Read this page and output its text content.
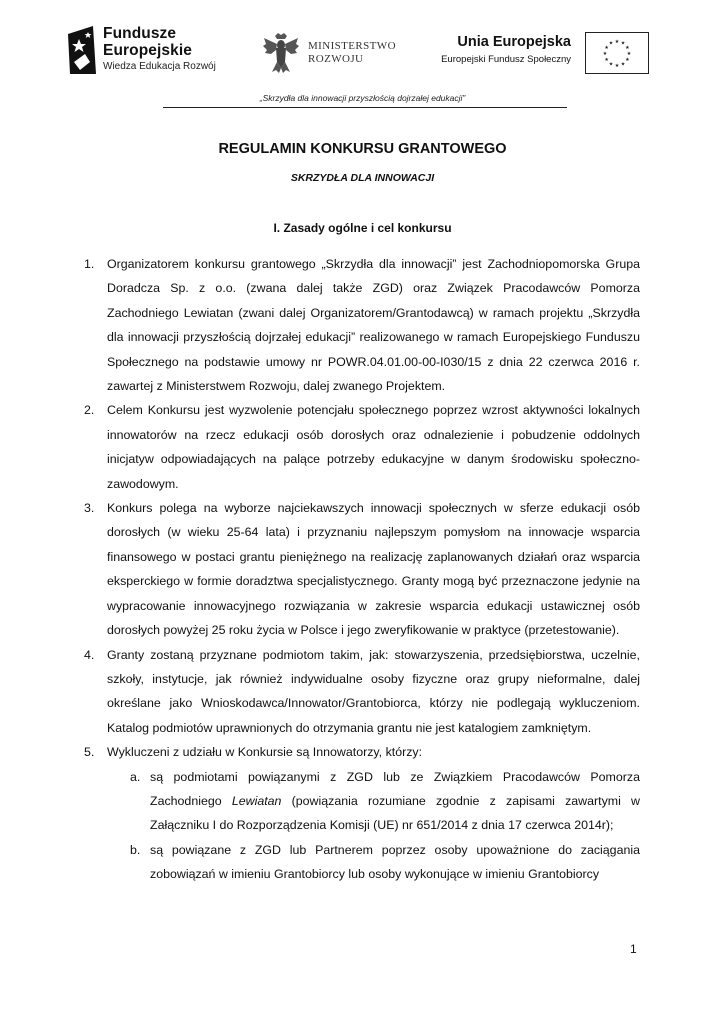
Fundusze
Europejskie
Wiedza Edukacja Rozwój
MINISTERSTWO
ROZWOJU
Unia Europejska
Europejski Fundusz Społeczny
★ ★
★
★
★
★
★
★
★
★
★
★
„Skrzydła dla innowacji przyszłością dojrzałej edukacji”
REGULAMIN KONKURSU GRANTOWEGO
SKRZYDŁA DLA INNOWACJI
I. Zasady ogólne i cel konkursu
1. Organizatorem konkursu grantowego „Skrzydła dla innowacji” jest Zachodniopomorska Grupa Doradcza Sp. z o.o. (zwana dalej także ZGD) oraz Związek Pracodawców Pomorza Zachodniego Lewiatan (zwani dalej Organizatorem/Grantodawcą) w ramach projektu „Skrzydła dla innowacji przyszłością dojrzałej edukacji” realizowanego w ramach Europejskiego Funduszu Społecznego na podstawie umowy nr POWR.04.01.00-00-I030/15 z dnia 22 czerwca 2016 r. zawartej z Ministerstwem Rozwoju, dalej zwanego Projektem.

2. Celem Konkursu jest wyzwolenie potencjału społecznego poprzez wzrost aktywności lokalnych innowatorów na rzecz edukacji osób dorosłych oraz odnalezienie i pobudzenie oddolnych inicjatyw odpowiadających na palące potrzeby edukacyjne w danym środowisku społeczno-zawodowym.

3. Konkurs polega na wyborze najciekawszych innowacji społecznych w sferze edukacji osób dorosłych (w wieku 25-64 lata) i przyznaniu najlepszym pomysłom na innowacje wsparcia finansowego w postaci grantu pieniężnego na realizację zaplanowanych działań oraz wsparcia eksperckiego w formie doradztwa specjalistycznego. Granty mogą być przeznaczone jedynie na wypracowanie innowacyjnego rozwiązania w zakresie wsparcia edukacji ustawicznej osób dorosłych powyżej 25 roku życia w Polsce i jego zweryfikowanie w praktyce (przetestowanie).

4. Granty zostaną przyznane podmiotom takim, jak: stowarzyszenia, przedsiębiorstwa, uczelnie, szkoły, instytucje, jak również indywidualne osoby fizyczne oraz grupy nieformalne, dalej określane jako Wnioskodawca/Innowator/Grantobiorca, którzy nie podlegają wykluczeniom. Katalog podmiotów uprawnionych do otrzymania grantu nie jest katalogiem zamkniętym.

5. Wykluczeni z udziału w Konkursie są Innowatorzy, którzy:

a. są podmiotami powiązanymi z ZGD lub ze Związkiem Pracodawców Pomorza Zachodniego Lewiatan (powiązania rozumiane zgodnie z zapisami zawartymi w Załączniku I do Rozporządzenia Komisji (UE) nr 651/2014 z dnia 17 czerwca 2014r);

b. są powiązane z ZGD lub Partnerem poprzez osoby upoważnione do zaciągania zobowiązań w imieniu Grantobiorcy lub osoby wykonujące w imieniu Grantobiorcy

1
